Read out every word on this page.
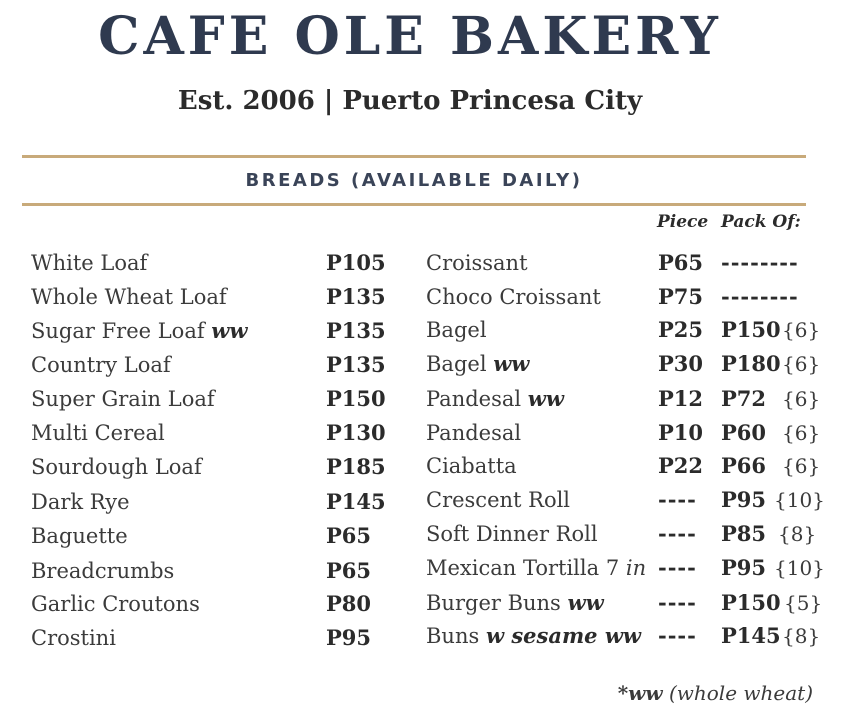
CAFE OLE BAKERY
Est. 2006 | Puerto Princesa City
BREADS (AVAILABLE DAILY)
Piece Pack Of:
White Loaf	P105
Whole Wheat Loaf	P135
Sugar Free Loaf ww	P135
Country Loaf	P135
Super Grain Loaf	P150
Multi Cereal	P130
Sourdough Loaf	P185
Dark Rye	P145
Baguette	P65
Breadcrumbs	P65
Garlic Croutons	P80
Crostini	P95
Croissant	P65 --------
Choco Croissant	P75 --------
Bagel	P25 P150 {6}
Bagel ww	P30 P180 {6}
Pandesal ww	P12 P72 {6}
Pandesal	P10 P60 {6}
Ciabatta	P22 P66 {6}
Crescent Roll	---- P95 {10}
Soft Dinner Roll	---- P85 {8}
Mexican Tortilla 7 in ---- P95 {10}
Burger Buns ww	---- P150 {5}
Buns w sesame ww ---- P145 {8}
*ww (whole wheat)
